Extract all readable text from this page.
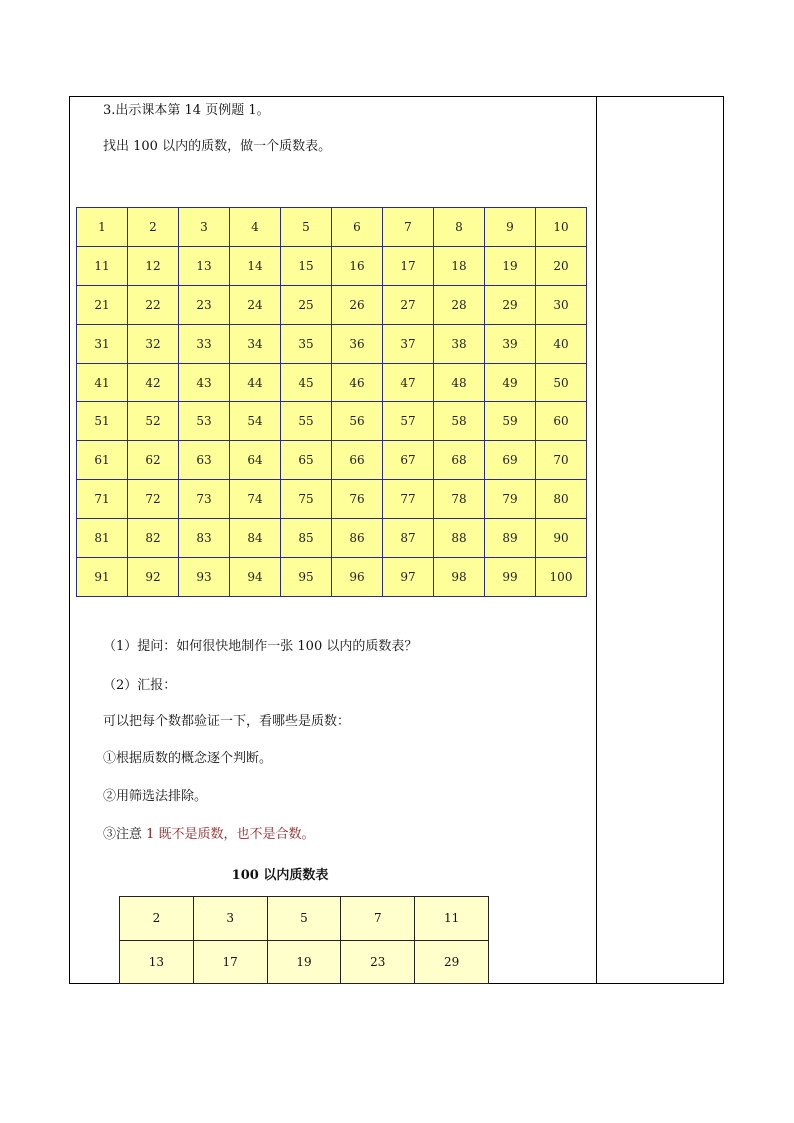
3.出示课本第 14 页例题 1。
找出 100 以内的质数，做一个质数表。
1	2	3	4	5	6	7	8	9	10
11	12	13	14	15	16	17	18	19	20
21	22	23	24	25	26	27	28	29	30
31	32	33	34	35	36	37	38	39	40
41	42	43	44	45	46	47	48	49	50
51	52	53	54	55	56	57	58	59	60
61	62	63	64	65	66	67	68	69	70
71	72	73	74	75	76	77	78	79	80
81	82	83	84	85	86	87	88	89	90
91	92	93	94	95	96	97	98	99	100
（1）提问：如何很快地制作一张 100 以内的质数表？
（2）汇报：
可以把每个数都验证一下，看哪些是质数：
①根据质数的概念逐个判断。
②用筛选法排除。
③注意 1 既不是质数，也不是合数。
100 以内质数表
2	3	5	7	11
13	17	19	23	29
